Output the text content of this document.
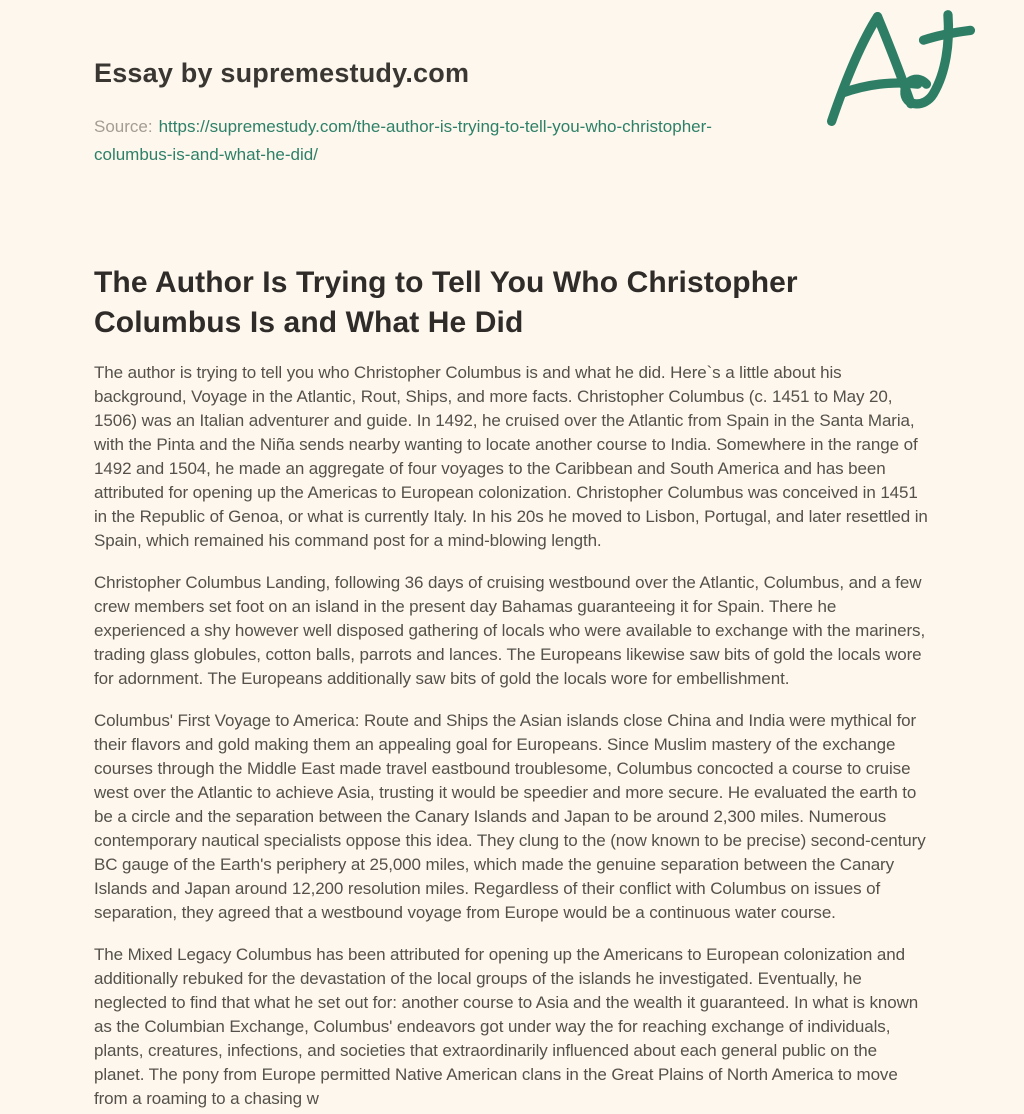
Essay by supremestudy.com

Source: https://supremestudy.com/the-author-is-trying-to-tell-you-who-christopher-columbus-is-and-what-he-did/

The Author Is Trying to Tell You Who Christopher Columbus Is and What He Did

The author is trying to tell you who Christopher Columbus is and what he did. Here`s a little about his background, Voyage in the Atlantic, Rout, Ships, and more facts. Christopher Columbus (c. 1451 to May 20, 1506) was an Italian adventurer and guide. In 1492, he cruised over the Atlantic from Spain in the Santa Maria, with the Pinta and the Niña sends nearby wanting to locate another course to India. Somewhere in the range of 1492 and 1504, he made an aggregate of four voyages to the Caribbean and South America and has been attributed for opening up the Americas to European colonization. Christopher Columbus was conceived in 1451 in the Republic of Genoa, or what is currently Italy. In his 20s he moved to Lisbon, Portugal, and later resettled in Spain, which remained his command post for a mind-blowing length.

Christopher Columbus Landing, following 36 days of cruising westbound over the Atlantic, Columbus, and a few crew members set foot on an island in the present day Bahamas guaranteeing it for Spain. There he experienced a shy however well disposed gathering of locals who were available to exchange with the mariners, trading glass globules, cotton balls, parrots and lances. The Europeans likewise saw bits of gold the locals wore for adornment. The Europeans additionally saw bits of gold the locals wore for embellishment.

Columbus' First Voyage to America: Route and Ships the Asian islands close China and India were mythical for their flavors and gold making them an appealing goal for Europeans. Since Muslim mastery of the exchange courses through the Middle East made travel eastbound troublesome, Columbus concocted a course to cruise west over the Atlantic to achieve Asia, trusting it would be speedier and more secure. He evaluated the earth to be a circle and the separation between the Canary Islands and Japan to be around 2,300 miles. Numerous contemporary nautical specialists oppose this idea. They clung to the (now known to be precise) second-century BC gauge of the Earth's periphery at 25,000 miles, which made the genuine separation between the Canary Islands and Japan around 12,200 resolution miles. Regardless of their conflict with Columbus on issues of separation, they agreed that a westbound voyage from Europe would be a continuous water course.

The Mixed Legacy Columbus has been attributed for opening up the Americans to European colonization and additionally rebuked for the devastation of the local groups of the islands he investigated. Eventually, he neglected to find that what he set out for: another course to Asia and the wealth it guaranteed. In what is known as the Columbian Exchange, Columbus' endeavors got under way the for reaching exchange of individuals, plants, creatures, infections, and societies that extraordinarily influenced about each general public on the planet. The pony from Europe permitted Native American clans in the Great Plains of North America to move from a roaming to a chasing w
